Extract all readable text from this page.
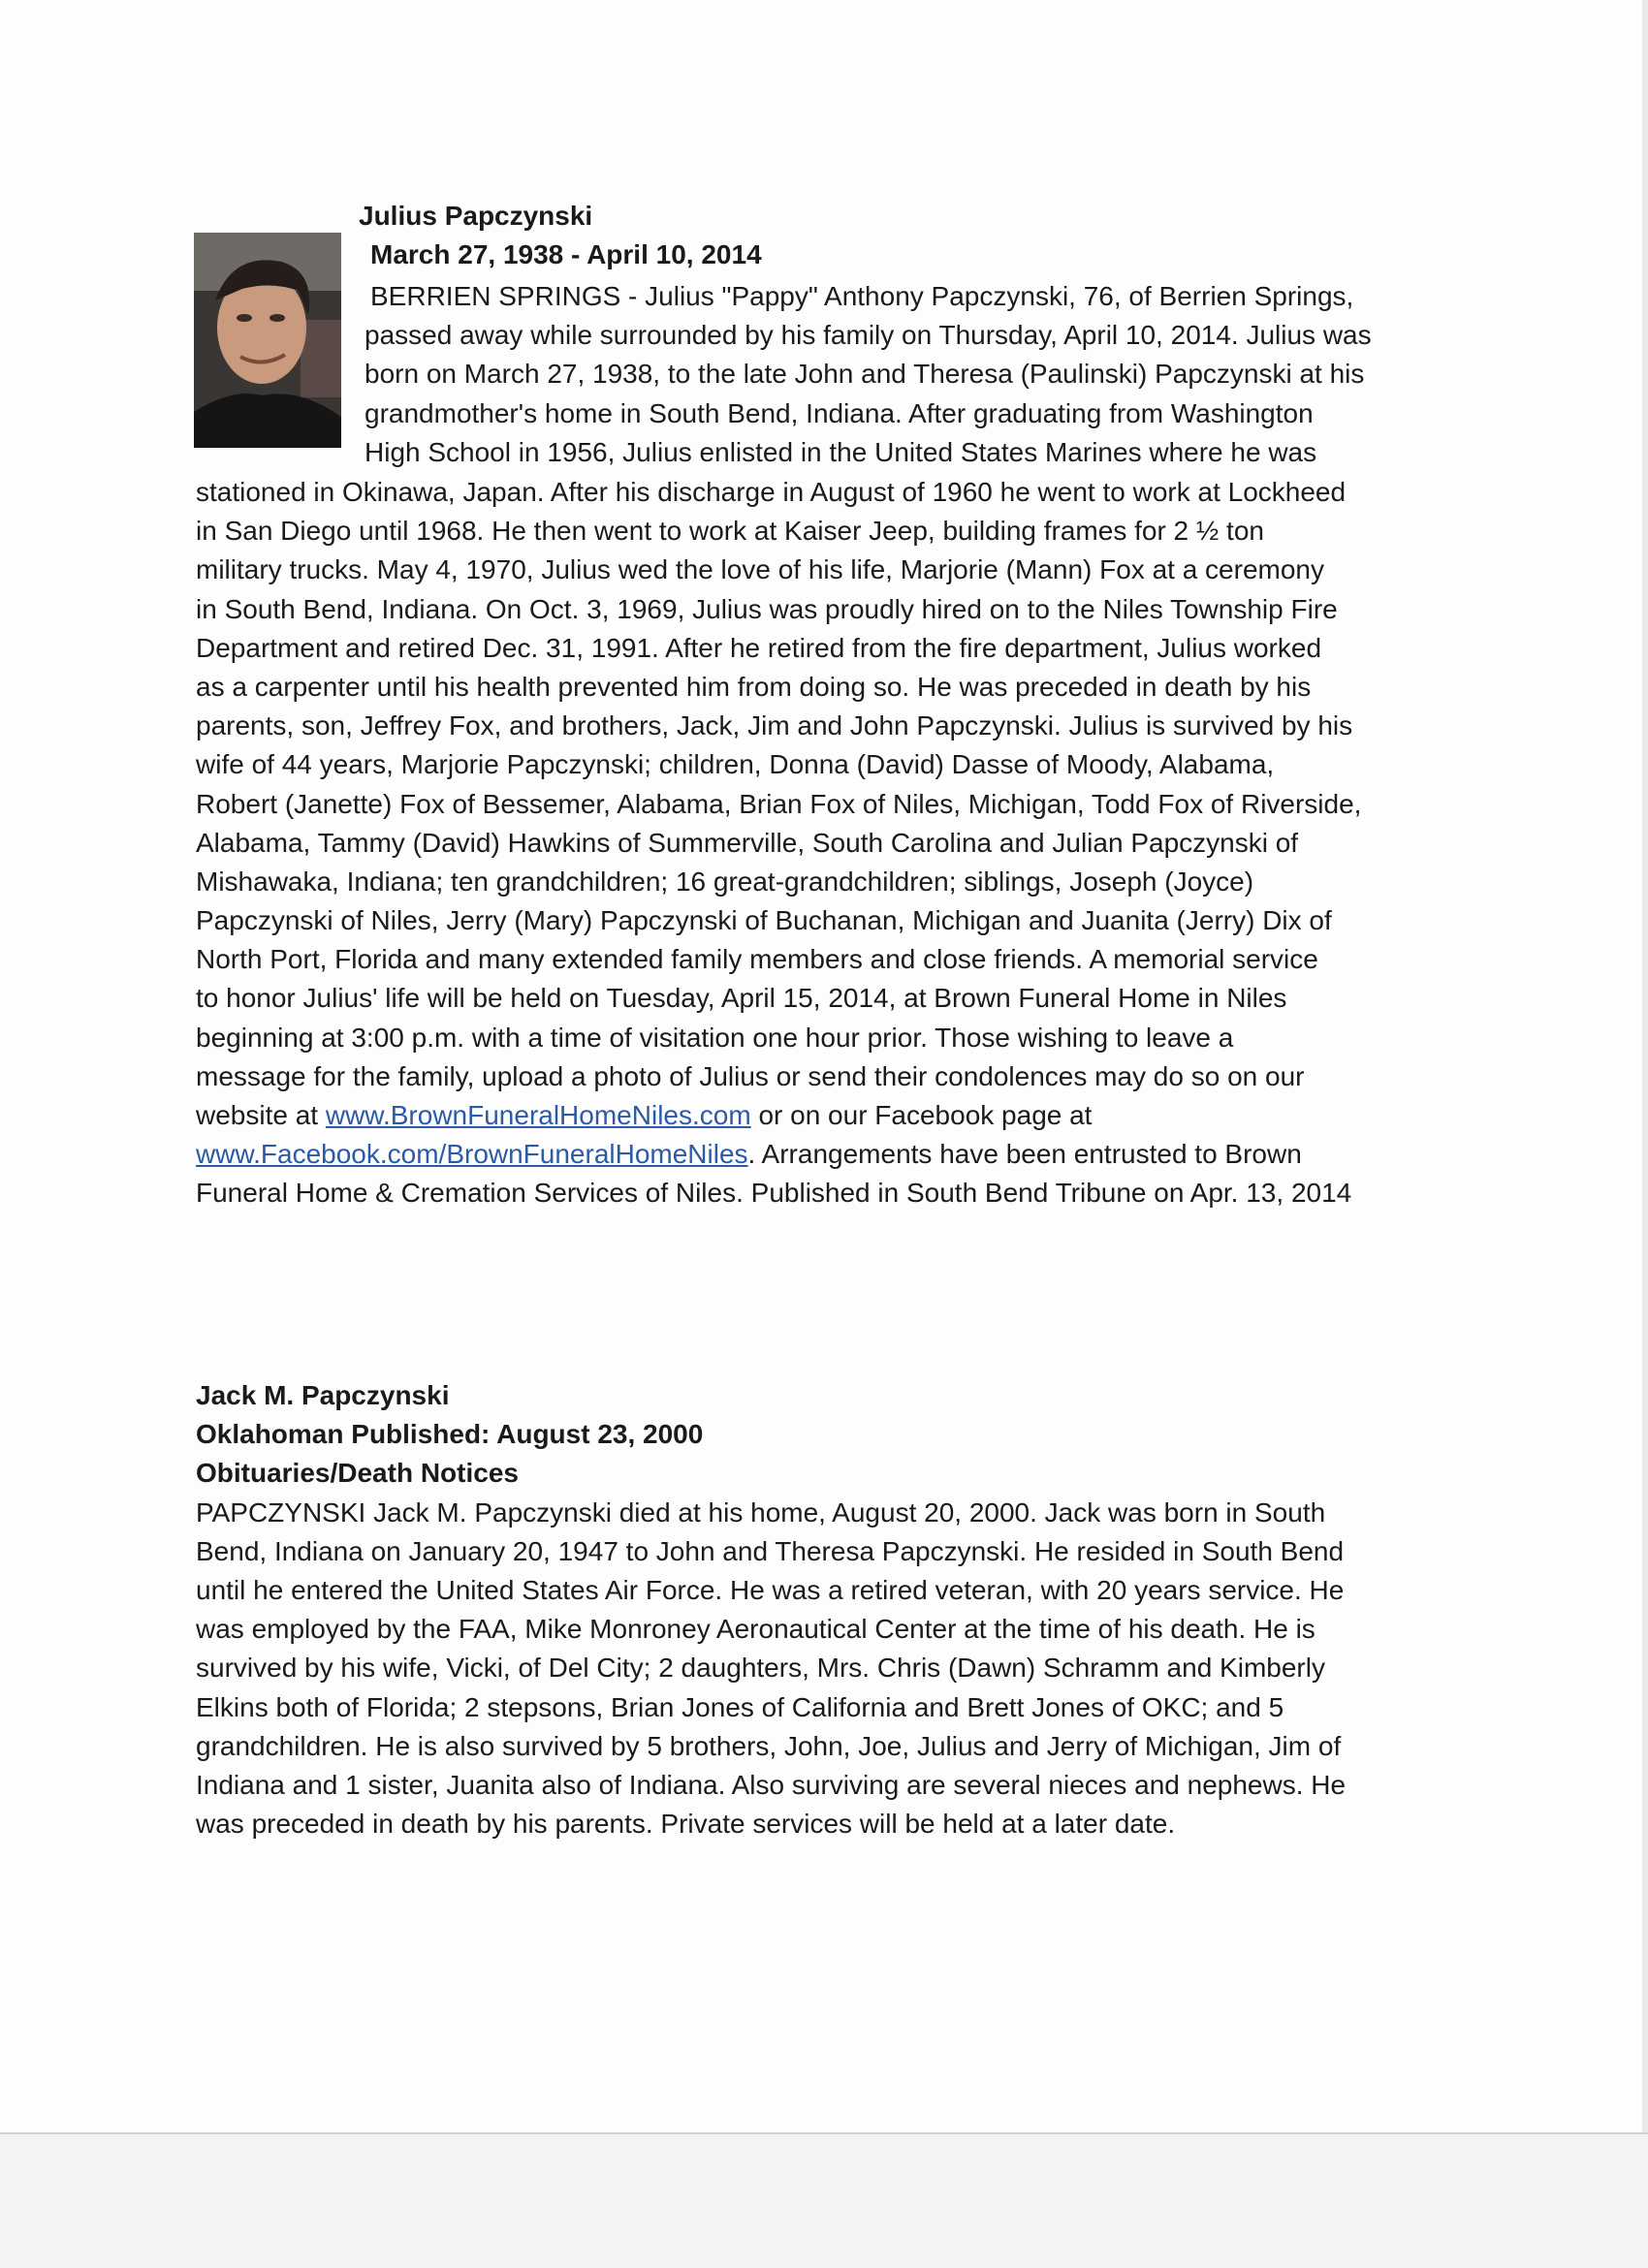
Julius Papczynski
March 27, 1938 - April 10, 2014
BERRIEN SPRINGS - Julius "Pappy" Anthony Papczynski, 76, of Berrien Springs,
passed away while surrounded by his family on Thursday, April 10, 2014. Julius was
born on March 27, 1938, to the late John and Theresa (Paulinski) Papczynski at his
grandmother's home in South Bend, Indiana. After graduating from Washington
High School in 1956, Julius enlisted in the United States Marines where he was
stationed in Okinawa, Japan. After his discharge in August of 1960 he went to work at Lockheed
in San Diego until 1968. He then went to work at Kaiser Jeep, building frames for 2 ½ ton
military trucks. May 4, 1970, Julius wed the love of his life, Marjorie (Mann) Fox at a ceremony
in South Bend, Indiana. On Oct. 3, 1969, Julius was proudly hired on to the Niles Township Fire
Department and retired Dec. 31, 1991. After he retired from the fire department, Julius worked
as a carpenter until his health prevented him from doing so. He was preceded in death by his
parents, son, Jeffrey Fox, and brothers, Jack, Jim and John Papczynski. Julius is survived by his
wife of 44 years, Marjorie Papczynski; children, Donna (David) Dasse of Moody, Alabama,
Robert (Janette) Fox of Bessemer, Alabama, Brian Fox of Niles, Michigan, Todd Fox of Riverside,
Alabama, Tammy (David) Hawkins of Summerville, South Carolina and Julian Papczynski of
Mishawaka, Indiana; ten grandchildren; 16 great-grandchildren; siblings, Joseph (Joyce)
Papczynski of Niles, Jerry (Mary) Papczynski of Buchanan, Michigan and Juanita (Jerry) Dix of
North Port, Florida and many extended family members and close friends. A memorial service
to honor Julius' life will be held on Tuesday, April 15, 2014, at Brown Funeral Home in Niles
beginning at 3:00 p.m. with a time of visitation one hour prior. Those wishing to leave a
message for the family, upload a photo of Julius or send their condolences may do so on our
website at www.BrownFuneralHomeNiles.com or on our Facebook page at
www.Facebook.com/BrownFuneralHomeNiles. Arrangements have been entrusted to Brown
Funeral Home & Cremation Services of Niles. Published in South Bend Tribune on Apr. 13, 2014
Jack M. Papczynski
Oklahoman Published: August 23, 2000
Obituaries/Death Notices
PAPCZYNSKI Jack M. Papczynski died at his home, August 20, 2000. Jack was born in South
Bend, Indiana on January 20, 1947 to John and Theresa Papczynski. He resided in South Bend
until he entered the United States Air Force. He was a retired veteran, with 20 years service. He
was employed by the FAA, Mike Monroney Aeronautical Center at the time of his death. He is
survived by his wife, Vicki, of Del City; 2 daughters, Mrs. Chris (Dawn) Schramm and Kimberly
Elkins both of Florida; 2 stepsons, Brian Jones of California and Brett Jones of OKC; and 5
grandchildren. He is also survived by 5 brothers, John, Joe, Julius and Jerry of Michigan, Jim of
Indiana and 1 sister, Juanita also of Indiana. Also surviving are several nieces and nephews. He
was preceded in death by his parents. Private services will be held at a later date.
